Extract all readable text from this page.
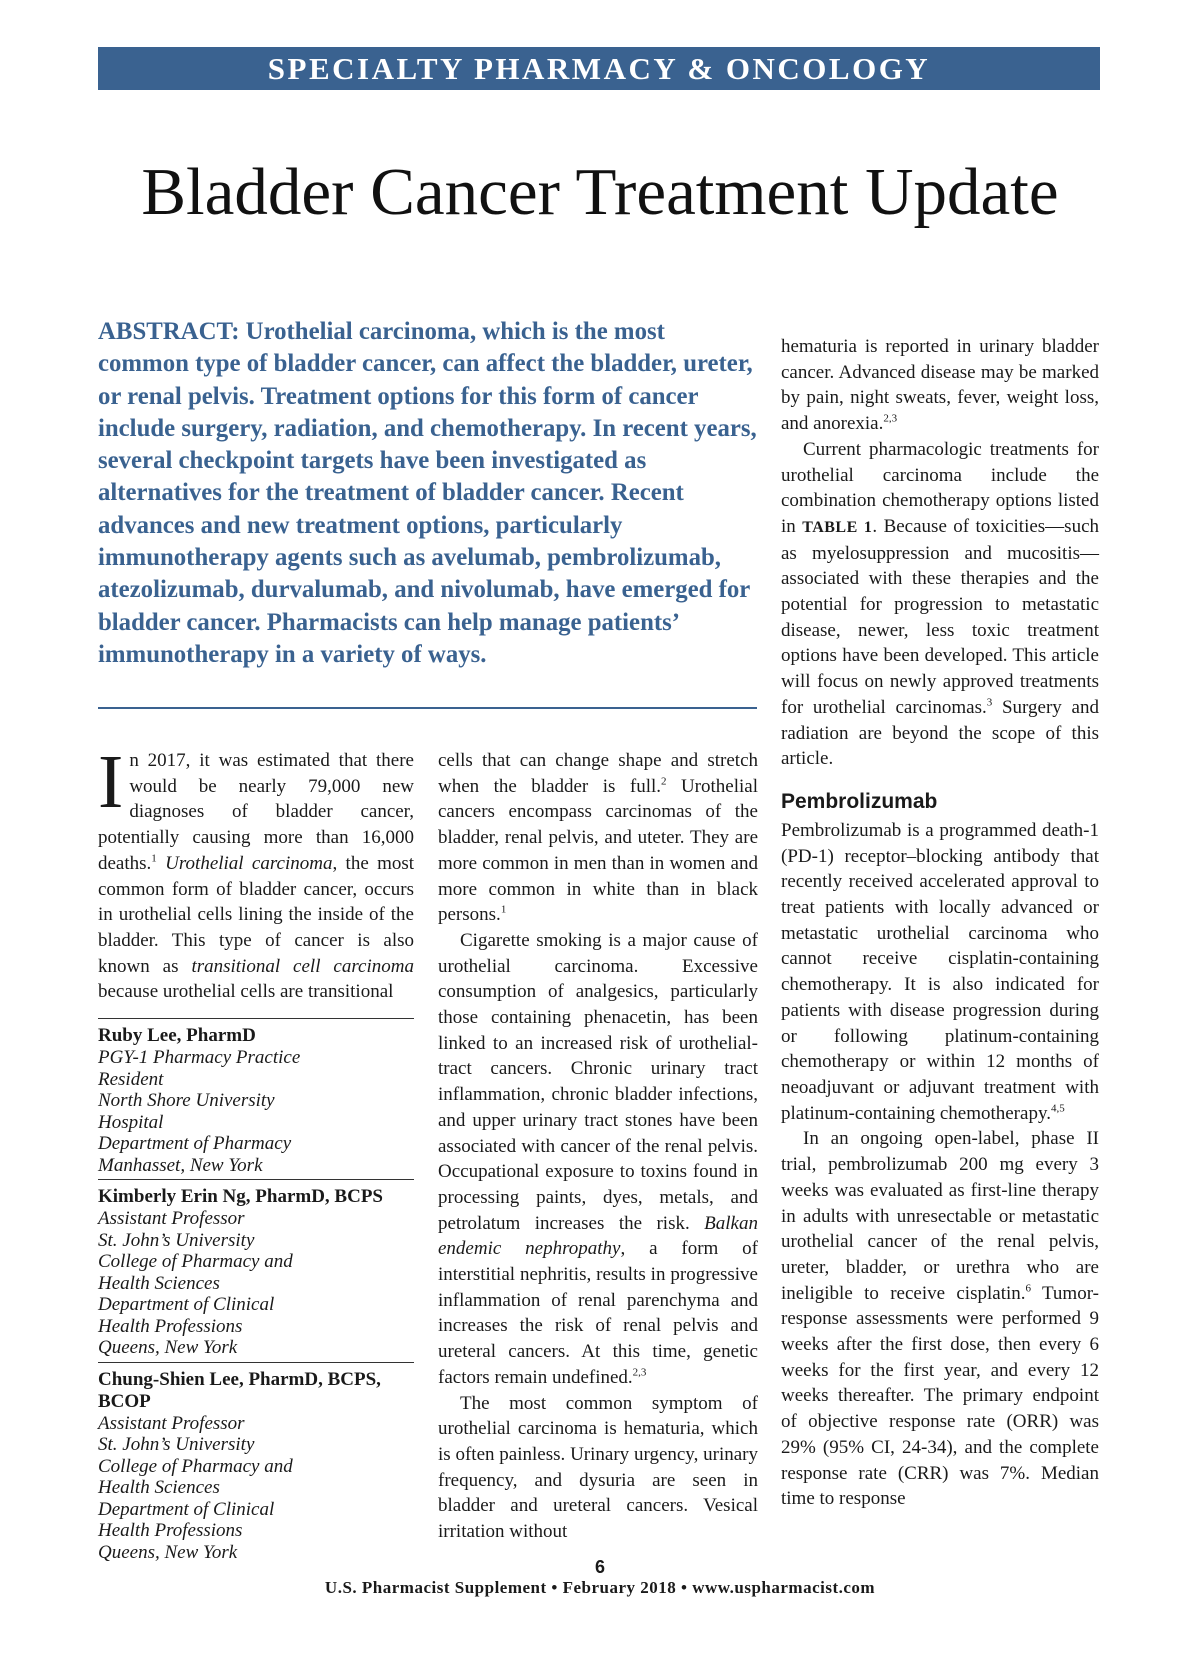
SPECIALTY PHARMACY & ONCOLOGY
Bladder Cancer Treatment Update
ABSTRACT: Urothelial carcinoma, which is the most common type of bladder cancer, can affect the bladder, ureter, or renal pelvis. Treatment options for this form of cancer include surgery, radiation, and chemotherapy. In recent years, several checkpoint targets have been investigated as alternatives for the treatment of bladder cancer. Recent advances and new treatment options, particularly immunotherapy agents such as avelumab, pembrolizumab, atezolizumab, durvalumab, and nivolumab, have emerged for bladder cancer. Pharmacists can help manage patients’ immunotherapy in a variety of ways.

In 2017, it was estimated that there would be nearly 79,000 new diagnoses of bladder cancer, potentially causing more than 16,000 deaths.$^1$ Urothelial carcinoma, the most common form of bladder cancer, occurs in urothelial cells lining the inside of the bladder. This type of cancer is also known as transitional cell carcinoma because urothelial cells are transitional

Ruby Lee, PharmD
PGY-1 Pharmacy Practice
Resident
North Shore University
Hospital
Department of Pharmacy
Manhasset, New York
Kimberly Erin Ng, PharmD, BCPS
Assistant Professor
St. John’s University
College of Pharmacy and
Health Sciences
Department of Clinical
Health Professions
Queens, New York
Chung-Shien Lee, PharmD, BCPS, BCOP
Assistant Professor
St. John’s University
College of Pharmacy and
Health Sciences
Department of Clinical
Health Professions
Queens, New York

cells that can change shape and stretch when the bladder is full.$^2$ Urothelial cancers encompass carcinomas of the bladder, renal pelvis, and uteter. They are more common in men than in women and more common in white than in black persons.$^1$

Cigarette smoking is a major cause of urothelial carcinoma. Excessive consumption of analgesics, particularly those containing phenacetin, has been linked to an increased risk of urothelial-tract cancers. Chronic urinary tract inflammation, chronic bladder infections, and upper urinary tract stones have been associated with cancer of the renal pelvis. Occupational exposure to toxins found in processing paints, dyes, metals, and petrolatum increases the risk. Balkan endemic nephropathy, a form of interstitial nephritis, results in progressive inflammation of renal parenchyma and increases the risk of renal pelvis and ureteral cancers. At this time, genetic factors remain undefined.$^{2,3}$

The most common symptom of urothelial carcinoma is hematuria, which is often painless. Urinary urgency, urinary frequency, and dysuria are seen in bladder and ureteral cancers. Vesical irritation without

hematuria is reported in urinary bladder cancer. Advanced disease may be marked by pain, night sweats, fever, weight loss, and anorexia.$^{2,3}$

Current pharmacologic treatments for urothelial carcinoma include the combination chemotherapy options listed in TABLE 1. Because of toxicities—such as myelosuppression and mucositis—associated with these therapies and the potential for progression to metastatic disease, newer, less toxic treatment options have been developed. This article will focus on newly approved treatments for urothelial carcinomas.$^3$ Surgery and radiation are beyond the scope of this article.

Pembrolizumab

Pembrolizumab is a programmed death-1 (PD-1) receptor–blocking antibody that recently received accelerated approval to treat patients with locally advanced or metastatic urothelial carcinoma who cannot receive cisplatin-containing chemotherapy. It is also indicated for patients with disease progression during or following platinum-containing chemotherapy or within 12 months of neoadjuvant or adjuvant treatment with platinum-containing chemotherapy.$^{4,5}$

In an ongoing open-label, phase II trial, pembrolizumab 200 mg every 3 weeks was evaluated as first-line therapy in adults with unresectable or metastatic urothelial cancer of the renal pelvis, ureter, bladder, or urethra who are ineligible to receive cisplatin.$^6$ Tumor-response assessments were performed 9 weeks after the first dose, then every 6 weeks for the first year, and every 12 weeks thereafter. The primary endpoint of objective response rate (ORR) was 29% (95% CI, 24-34), and the complete response rate (CRR) was 7%. Median time to response

6
U.S. Pharmacist Supplement • February 2018 • www.uspharmacist.com
